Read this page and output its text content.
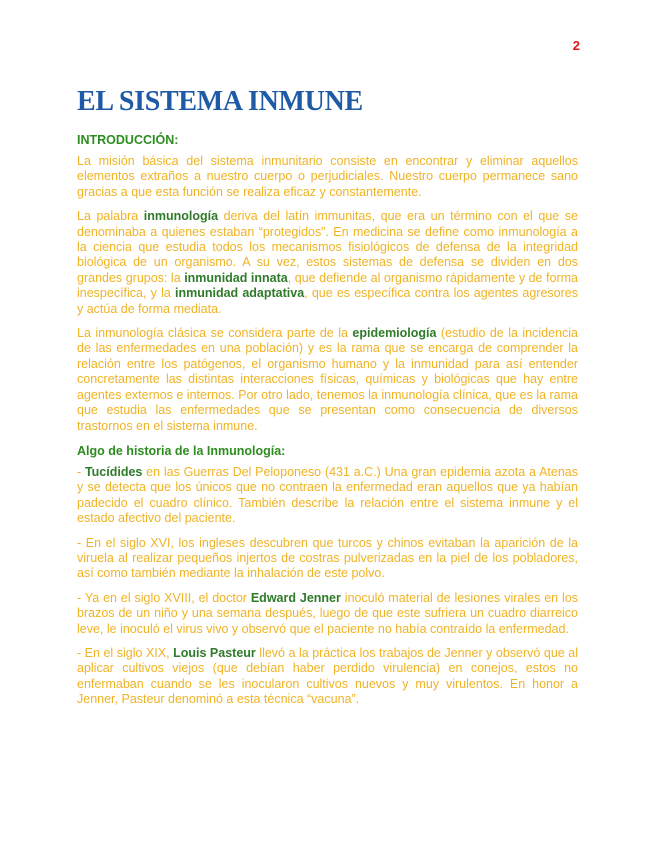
2
EL SISTEMA INMUNE
INTRODUCCIÓN:

La misión básica del sistema inmunitario consiste en encontrar y eliminar aquellos elementos extraños a nuestro cuerpo o perjudiciales. Nuestro cuerpo permanece sano gracias a que esta función se realiza eficaz y constantemente.

La palabra inmunología deriva del latín immunitas, que era un término con el que se denominaba a quienes estaban “protegidos”. En medicina se define como inmunología a la ciencia que estudia todos los mecanismos fisiológicos de defensa de la integridad biológica de un organismo. A su vez, estos sistemas de defensa se dividen en dos grandes grupos: la inmunidad innata, que defiende al organismo rápidamente y de forma inespecífica, y la inmunidad adaptativa, que es específica contra los agentes agresores y actúa de forma mediata.

La inmunología clásica se considera parte de la epidemiología (estudio de la incidencia de las enfermedades en una población) y es la rama que se encarga de comprender la relación entre los patógenos, el organismo humano y la inmunidad para así entender concretamente las distintas interacciones físicas, químicas y biológicas que hay entre agentes externos e internos. Por otro lado, tenemos la inmunología clínica, que es la rama que estudia las enfermedades que se presentan como consecuencia de diversos trastornos en el sistema inmune.

Algo de historia de la Inmunología:

- Tucídides en las Guerras Del Peloponeso (431 a.C.) Una gran epidemia azota a Atenas y se detecta que los únicos que no contraen la enfermedad eran aquellos que ya habían padecido el cuadro clínico. También describe la relación entre el sistema inmune y el estado afectivo del paciente.

- En el siglo XVI, los ingleses descubren que turcos y chinos evitaban la aparición de la viruela al realizar pequeños injertos de costras pulverizadas en la piel de los pobladores, así como también mediante la inhalación de este polvo.

- Ya en el siglo XVIII, el doctor Edward Jenner inoculó material de lesiones virales en los brazos de un niño y una semana después, luego de que este sufriera un cuadro diarreico leve, le inoculó el virus vivo y observó que el paciente no había contraído la enfermedad.

- En el siglo XIX, Louis Pasteur llevó a la práctica los trabajos de Jenner y observó que al aplicar cultivos viejos (que debían haber perdido virulencia) en conejos, estos no enfermaban cuando se les inocularon cultivos nuevos y muy virulentos. En honor a Jenner, Pasteur denominó a esta técnica “vacuna”.
